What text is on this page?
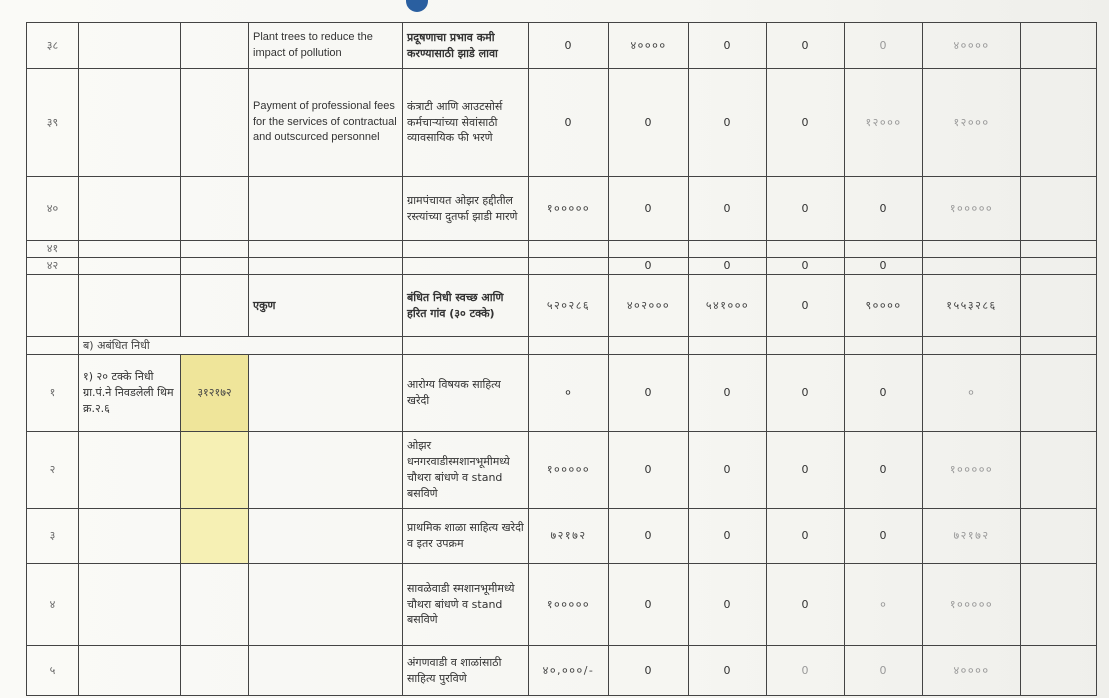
३८			Plant trees to reduce the impact of pollution	प्रदूषणाचा प्रभाव कमी करण्यासाठी झाडे लावा	0	४००००	0	0	0	४००००	
३९			Payment of professional fees for the services of contractual and outscurced personnel	कंत्राटी आणि आउटसोर्स कर्मचाऱ्यांच्या सेवांसाठी व्यावसायिक फी भरणे	0	0	0	0	१२०००	१२०००	
४०				ग्रामपंचायत ओझर हद्दीतील रस्त्यांच्या दुतर्फा झाडी मारणे	१०००००	0	0	0	0	१०००००	
४१											
४२						0	0	0	0		
			एकुण	बंधित निधी स्वच्छ आणि हरित गांव (३० टक्के)	५२०२८६	४०२०००	५४१०००	0	९००००	१५५३२८६	
	ब) अबंधित निधी										
१	१) २० टक्के निधी ग्रा.पं.ने निवडलेली थिम क्र.२.६	३१२१७२		आरोग्य विषयक साहित्य खरेदी	०	0	0	0	0	०	
२				ओझर धनगरवाडीस्मशानभूमीमध्ये चौथरा बांधणे व stand बसविणे	१०००००	0	0	0	0	१०००००	
३				प्राथमिक शाळा साहित्य खरेदी व इतर उपक्रम	७२१७२	0	0	0	0	७२१७२	
४				सावळेवाडी स्मशानभूमीमध्ये चौथरा बांधणे व stand बसविणे	१०००००	0	0	0	०	१०००००	
५				अंगणवाडी व शाळांसाठी साहित्य पुरविणे	४०,०००/-	0	0	0	0	४००००	
